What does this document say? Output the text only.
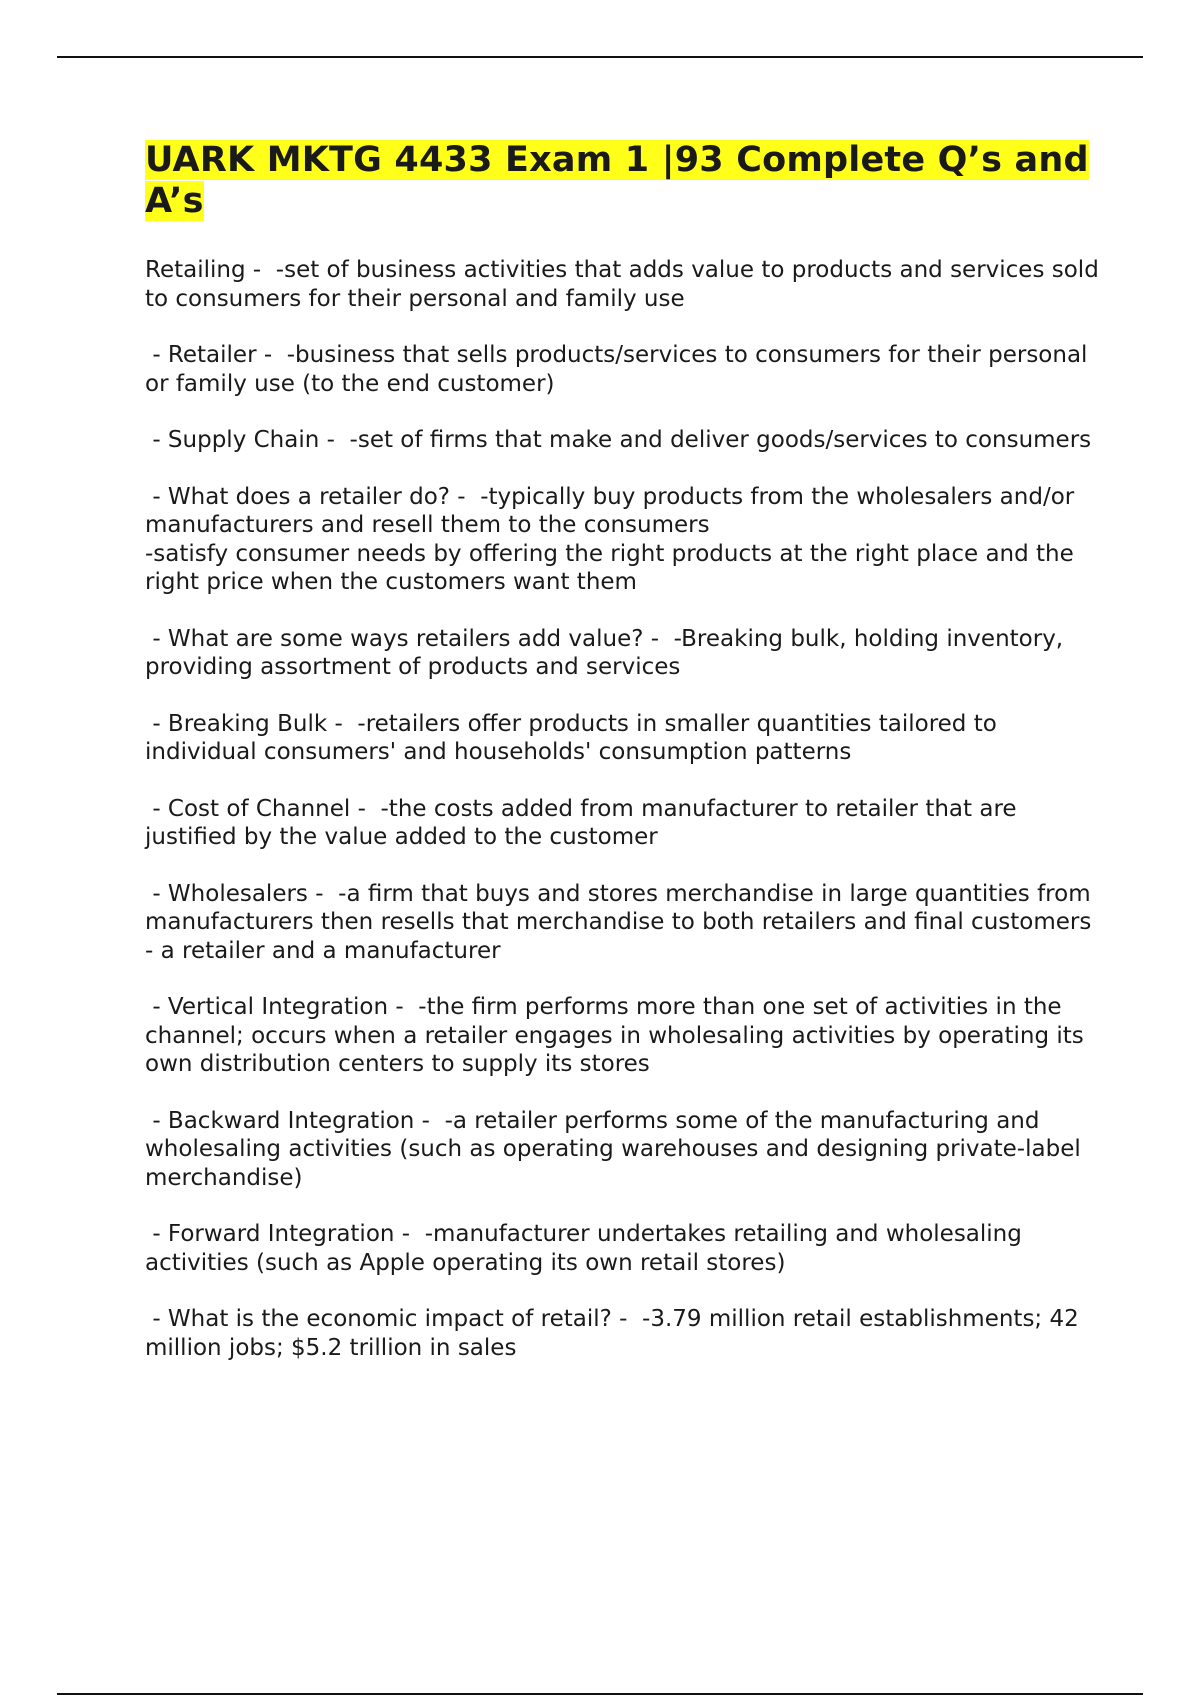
UARK MKTG 4433 Exam 1 |93 Complete Q’s and A’s

Retailing -  -set of business activities that adds value to products and services sold to consumers for their personal and family use

- Retailer -  -business that sells products/services to consumers for their personal or family use (to the end customer)

- Supply Chain -  -set of firms that make and deliver goods/services to consumers

- What does a retailer do? -  -typically buy products from the wholesalers and/or manufacturers and resell them to the consumers
-satisfy consumer needs by offering the right products at the right place and the right price when the customers want them

- What are some ways retailers add value? -  -Breaking bulk, holding inventory, providing assortment of products and services

- Breaking Bulk -  -retailers offer products in smaller quantities tailored to individual consumers' and households' consumption patterns

- Cost of Channel -  -the costs added from manufacturer to retailer that are justified by the value added to the customer

- Wholesalers -  -a firm that buys and stores merchandise in large quantities from manufacturers then resells that merchandise to both retailers and final customers
- a retailer and a manufacturer

- Vertical Integration -  -the firm performs more than one set of activities in the channel; occurs when a retailer engages in wholesaling activities by operating its own distribution centers to supply its stores

- Backward Integration -  -a retailer performs some of the manufacturing and wholesaling activities (such as operating warehouses and designing private-label merchandise)

- Forward Integration -  -manufacturer undertakes retailing and wholesaling activities (such as Apple operating its own retail stores)

- What is the economic impact of retail? -  -3.79 million retail establishments; 42 million jobs; $5.2 trillion in sales
